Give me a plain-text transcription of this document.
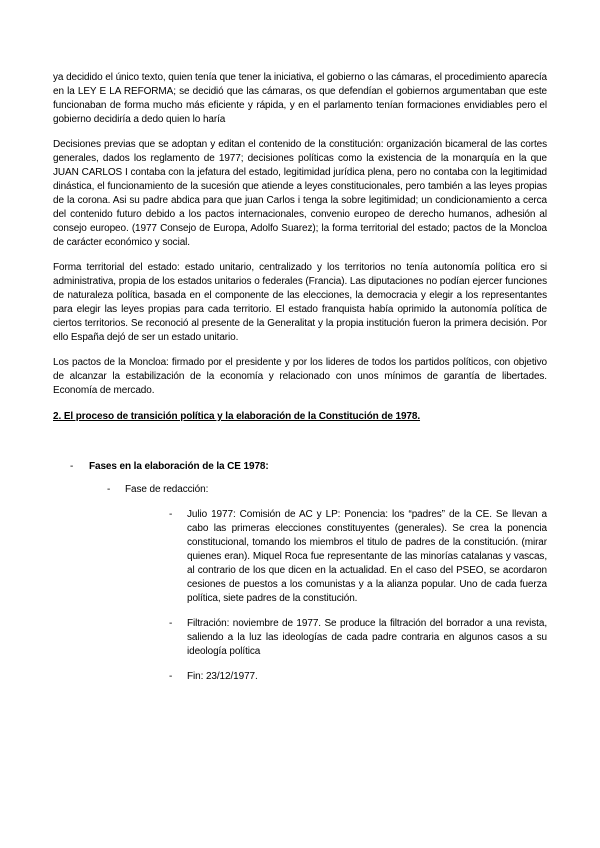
ya decidido el único texto, quien tenía que tener la iniciativa, el gobierno o las cámaras, el procedimiento aparecía en la LEY E LA REFORMA; se decidió que las cámaras, os que defendían el gobiernos argumentaban que este funcionaban de forma mucho más eficiente y rápida, y en el parlamento tenían formaciones envidiables pero el gobierno decidiría a dedo quien lo haría

Decisiones previas que se adoptan y editan el contenido de la constitución: organización bicameral de las cortes generales, dados los reglamento de 1977; decisiones políticas como la existencia de la monarquía en la que JUAN CARLOS I contaba con la jefatura del estado, legitimidad jurídica plena, pero no contaba con la legitimidad dinástica, el funcionamiento de la sucesión que atiende a leyes constitucionales, pero también a las leyes propias de la corona. Asi su padre abdica para que juan Carlos i tenga la sobre legitimidad; un condicionamiento a cerca del contenido futuro debido a los pactos internacionales, convenio europeo de derecho humanos, adhesión al consejo europeo. (1977 Consejo de Europa, Adolfo Suarez); la forma territorial del estado; pactos de la Moncloa de carácter económico y social.

Forma territorial del estado: estado unitario, centralizado y los territorios no tenía autonomía política ero si administrativa, propia de los estados unitarios o federales (Francia). Las diputaciones no podían ejercer funciones de naturaleza política, basada en el componente de las elecciones, la democracia y elegir a los representantes para elegir las leyes propias para cada territorio. El estado franquista había oprimido la autonomía política de ciertos territorios. Se reconoció al presente de la Generalitat y la propia institución fueron la primera decisión. Por ello España dejó de ser un estado unitario.

Los pactos de la Moncloa: firmado por el presidente y por los lideres de todos los partidos políticos, con objetivo de alcanzar la estabilización de la economía y relacionado con unos mínimos de garantía de libertades. Economía de mercado.

2. El proceso de transición política y la elaboración de la Constitución de 1978.

- Fases en la elaboración de la CE 1978:
- Fase de redacción:
- Julio 1977: Comisión de AC y LP: Ponencia: los “padres” de la CE. Se llevan a cabo las primeras elecciones constituyentes (generales). Se crea la ponencia constitucional, tomando los miembros el titulo de padres de la constitución. (mirar quienes eran). Miquel Roca fue representante de las minorías catalanas y vascas, al contrario de los que dicen en la actualidad. En el caso del PSEO, se acordaron cesiones de puestos a los comunistas y a la alianza popular. Uno de cada fuerza política, siete padres de la constitución.
- Filtración: noviembre de 1977. Se produce la filtración del borrador a una revista, saliendo a la luz las ideologías de cada padre contraria en algunos casos a su ideología política
- Fin: 23/12/1977.
